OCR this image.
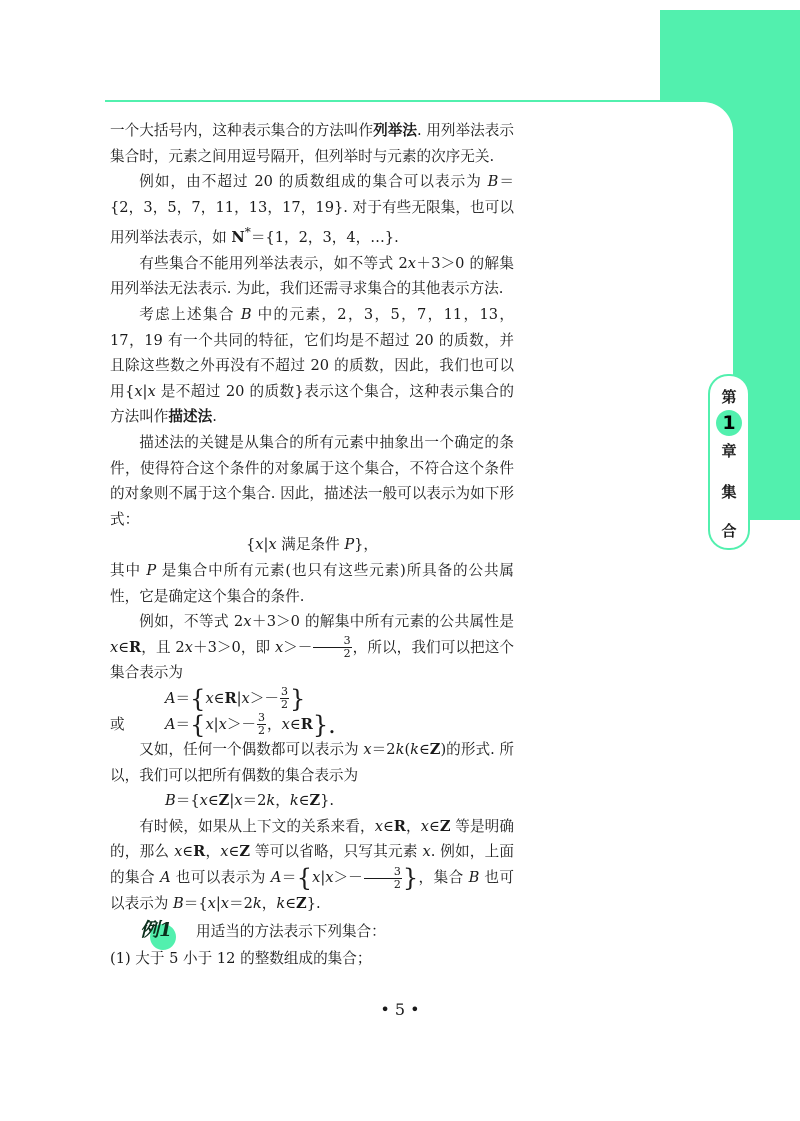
第
1
章
集
合

一个大括号内，这种表示集合的方法叫作列举法. 用列举法表示集合时，元素之间用逗号隔开，但列举时与元素的次序无关.

例如，由不超过 20 的质数组成的集合可以表示为 B＝{2，3，5，7，11，13，17，19}. 对于有些无限集，也可以用列举法表示，如 N*＝{1，2，3，4，…}.

有些集合不能用列举法表示，如不等式 2x＋3＞0 的解集用列举法无法表示. 为此，我们还需寻求集合的其他表示方法.

考虑上述集合 B 中的元素，2，3，5，7，11，13，17，19 有一个共同的特征，它们均是不超过 20 的质数，并且除这些数之外再没有不超过 20 的质数，因此，我们也可以用{x|x 是不超过 20 的质数}表示这个集合，这种表示集合的方法叫作描述法.

描述法的关键是从集合的所有元素中抽象出一个确定的条件，使得符合这个条件的对象属于这个集合，不符合这个条件的对象则不属于这个集合. 因此，描述法一般可以表示为如下形式：

{x|x 满足条件 P}，

其中 P 是集合中所有元素(也只有这些元素)所具备的公共属性，它是确定这个集合的条件.

例如，不等式 2x＋3＞0 的解集中所有元素的公共属性是 x∈R，且 2x＋3＞0，即 $x>- \frac{3}{2}$ ，所以，我们可以把这个集合表示为

A＝{x∈R|x＞－ $\frac{3}{2}$ }

或	$A=\{x|x>- \frac{3}{2}$ ，x∈R}.

又如，任何一个偶数都可以表示为 x＝2k(k∈Z)的形式. 所以，我们可以把所有偶数的集合表示为

B＝{x∈Z|x＝2k，k∈Z}.

有时候，如果从上下文的关系来看，x∈R，x∈Z 等是明确的，那么 x∈R，x∈Z 等可以省略，只写其元素 x. 例如，上面的集合 A 也可以表示为 $A=\{x|x>- \frac{3}{2}$ }，集合 B 也可以表示为 B＝{x|x＝2k，k∈Z}.

例1 用适当的方法表示下列集合：

(1) 大于 5 小于 12 的整数组成的集合；

• 5 •
